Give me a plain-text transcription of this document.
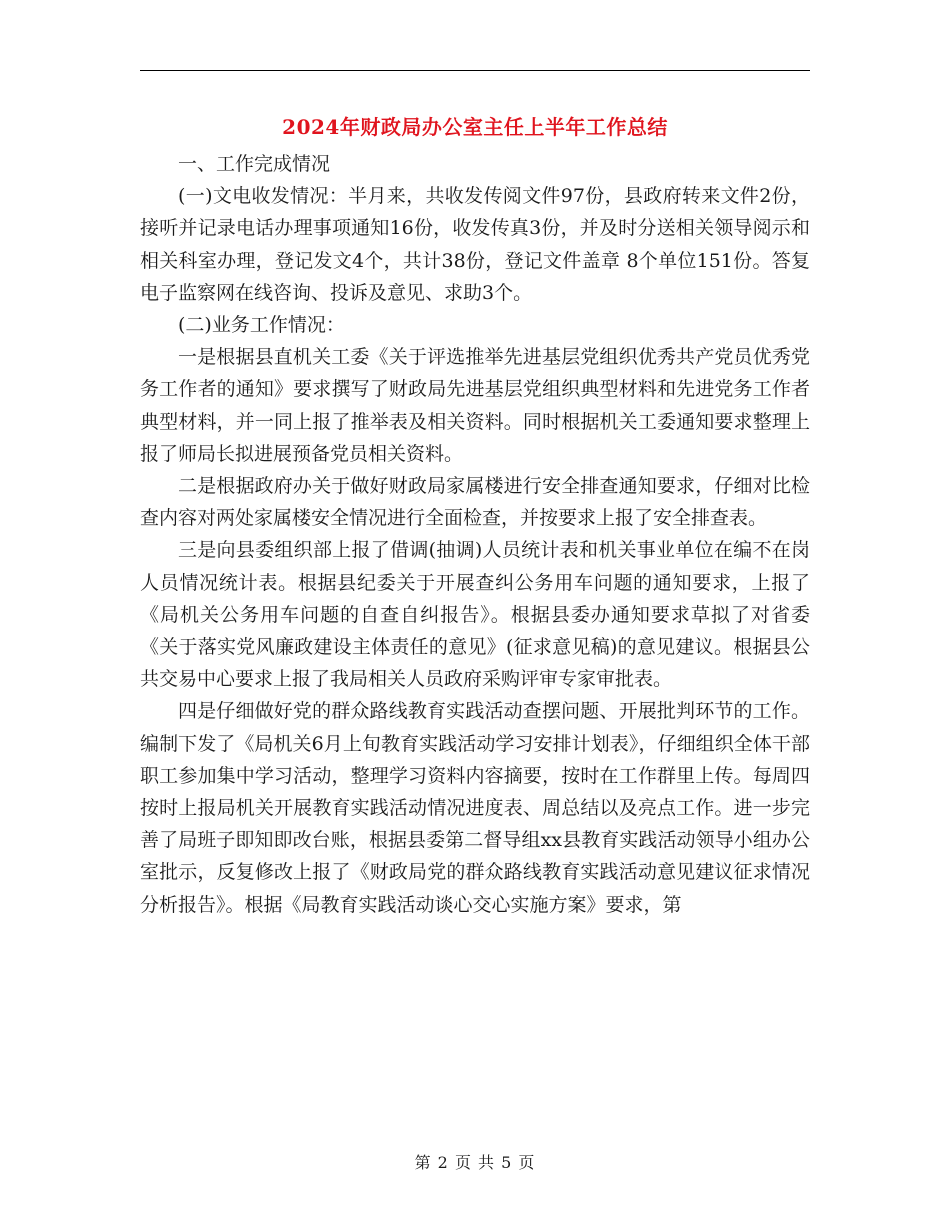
2024年财政局办公室主任上半年工作总结

一、工作完成情况

(一)文电收发情况：半月来，共收发传阅文件97份，县政府转来文件2份，接听并记录电话办理事项通知16份，收发传真3份，并及时分送相关领导阅示和相关科室办理，登记发文4个，共计38份，登记文件盖章 8个单位151份。答复电子监察网在线咨询、投诉及意见、求助3个。

(二)业务工作情况：

一是根据县直机关工委《关于评选推举先进基层党组织优秀共产党员优秀党务工作者的通知》要求撰写了财政局先进基层党组织典型材料和先进党务工作者典型材料，并一同上报了推举表及相关资料。同时根据机关工委通知要求整理上报了师局长拟进展预备党员相关资料。

二是根据政府办关于做好财政局家属楼进行安全排查通知要求，仔细对比检查内容对两处家属楼安全情况进行全面检查，并按要求上报了安全排查表。

三是向县委组织部上报了借调(抽调)人员统计表和机关事业单位在编不在岗人员情况统计表。根据县纪委关于开展查纠公务用车问题的通知要求，上报了《局机关公务用车问题的自查自纠报告》。根据县委办通知要求草拟了对省委《关于落实党风廉政建设主体责任的意见》(征求意见稿)的意见建议。根据县公共交易中心要求上报了我局相关人员政府采购评审专家审批表。

四是仔细做好党的群众路线教育实践活动查摆问题、开展批判环节的工作。编制下发了《局机关6月上旬教育实践活动学习安排计划表》，仔细组织全体干部职工参加集中学习活动，整理学习资料内容摘要，按时在工作群里上传。每周四按时上报局机关开展教育实践活动情况进度表、周总结以及亮点工作。进一步完善了局班子即知即改台账，根据县委第二督导组xx县教育实践活动领导小组办公室批示，反复修改上报了《财政局党的群众路线教育实践活动意见建议征求情况分析报告》。根据《局教育实践活动谈心交心实施方案》要求，第

第 2 页 共 5 页
